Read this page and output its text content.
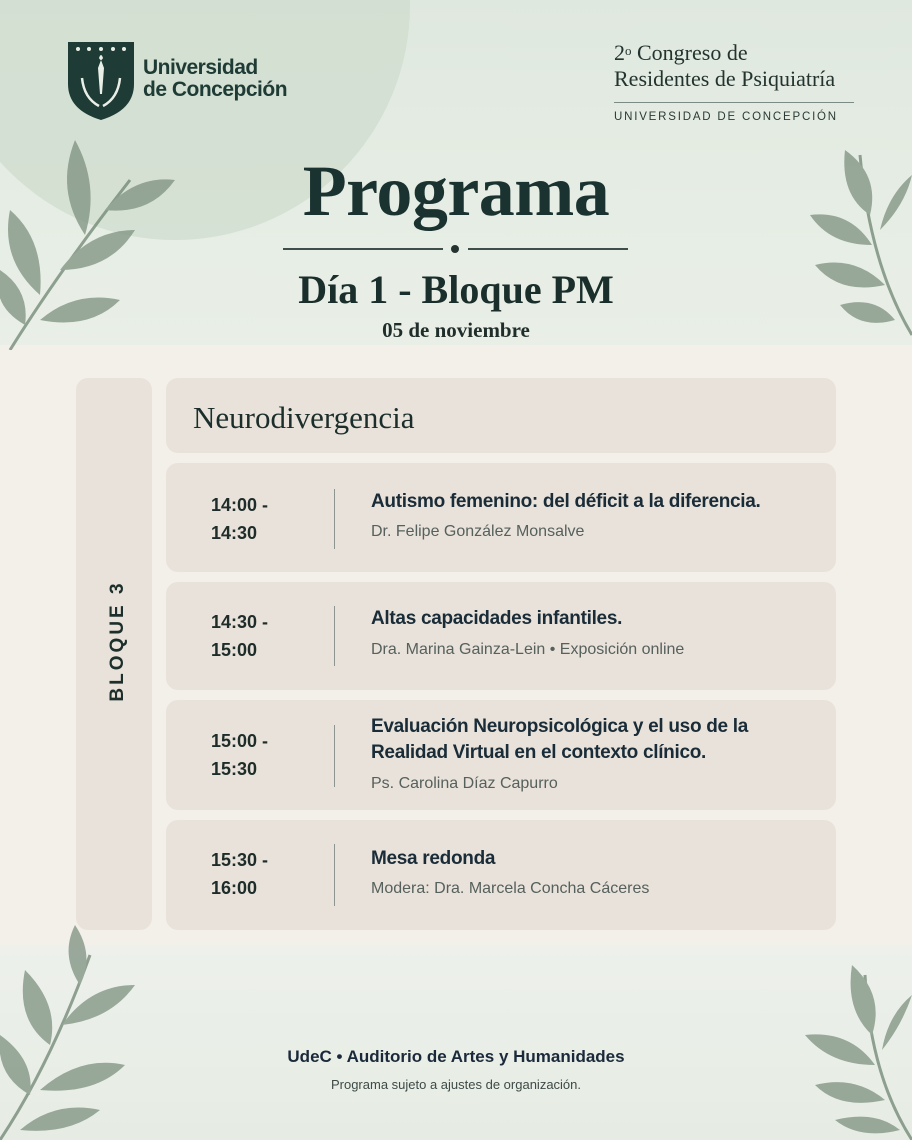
Universidad
de Concepción
2$^o$ Congreso de
Residentes de Psiquiatría
UNIVERSIDAD DE CONCEPCIÓN
Programa
Día 1 - Bloque PM
05 de noviembre
BLOQUE 3
Neurodivergencia
14:00 -
14:30
Autismo femenino: del déficit a la diferencia.
Dr. Felipe González Monsalve
14:30 -
15:00
Altas capacidades infantiles.
Dra. Marina Gainza-Lein • Exposición online
15:00 -
15:30
Evaluación Neuropsicológica y el uso de la
Realidad Virtual en el contexto clínico.
Ps. Carolina Díaz Capurro
15:30 -
16:00
Mesa redonda
Modera: Dra. Marcela Concha Cáceres
UdeC • Auditorio de Artes y Humanidades
Programa sujeto a ajustes de organización.
